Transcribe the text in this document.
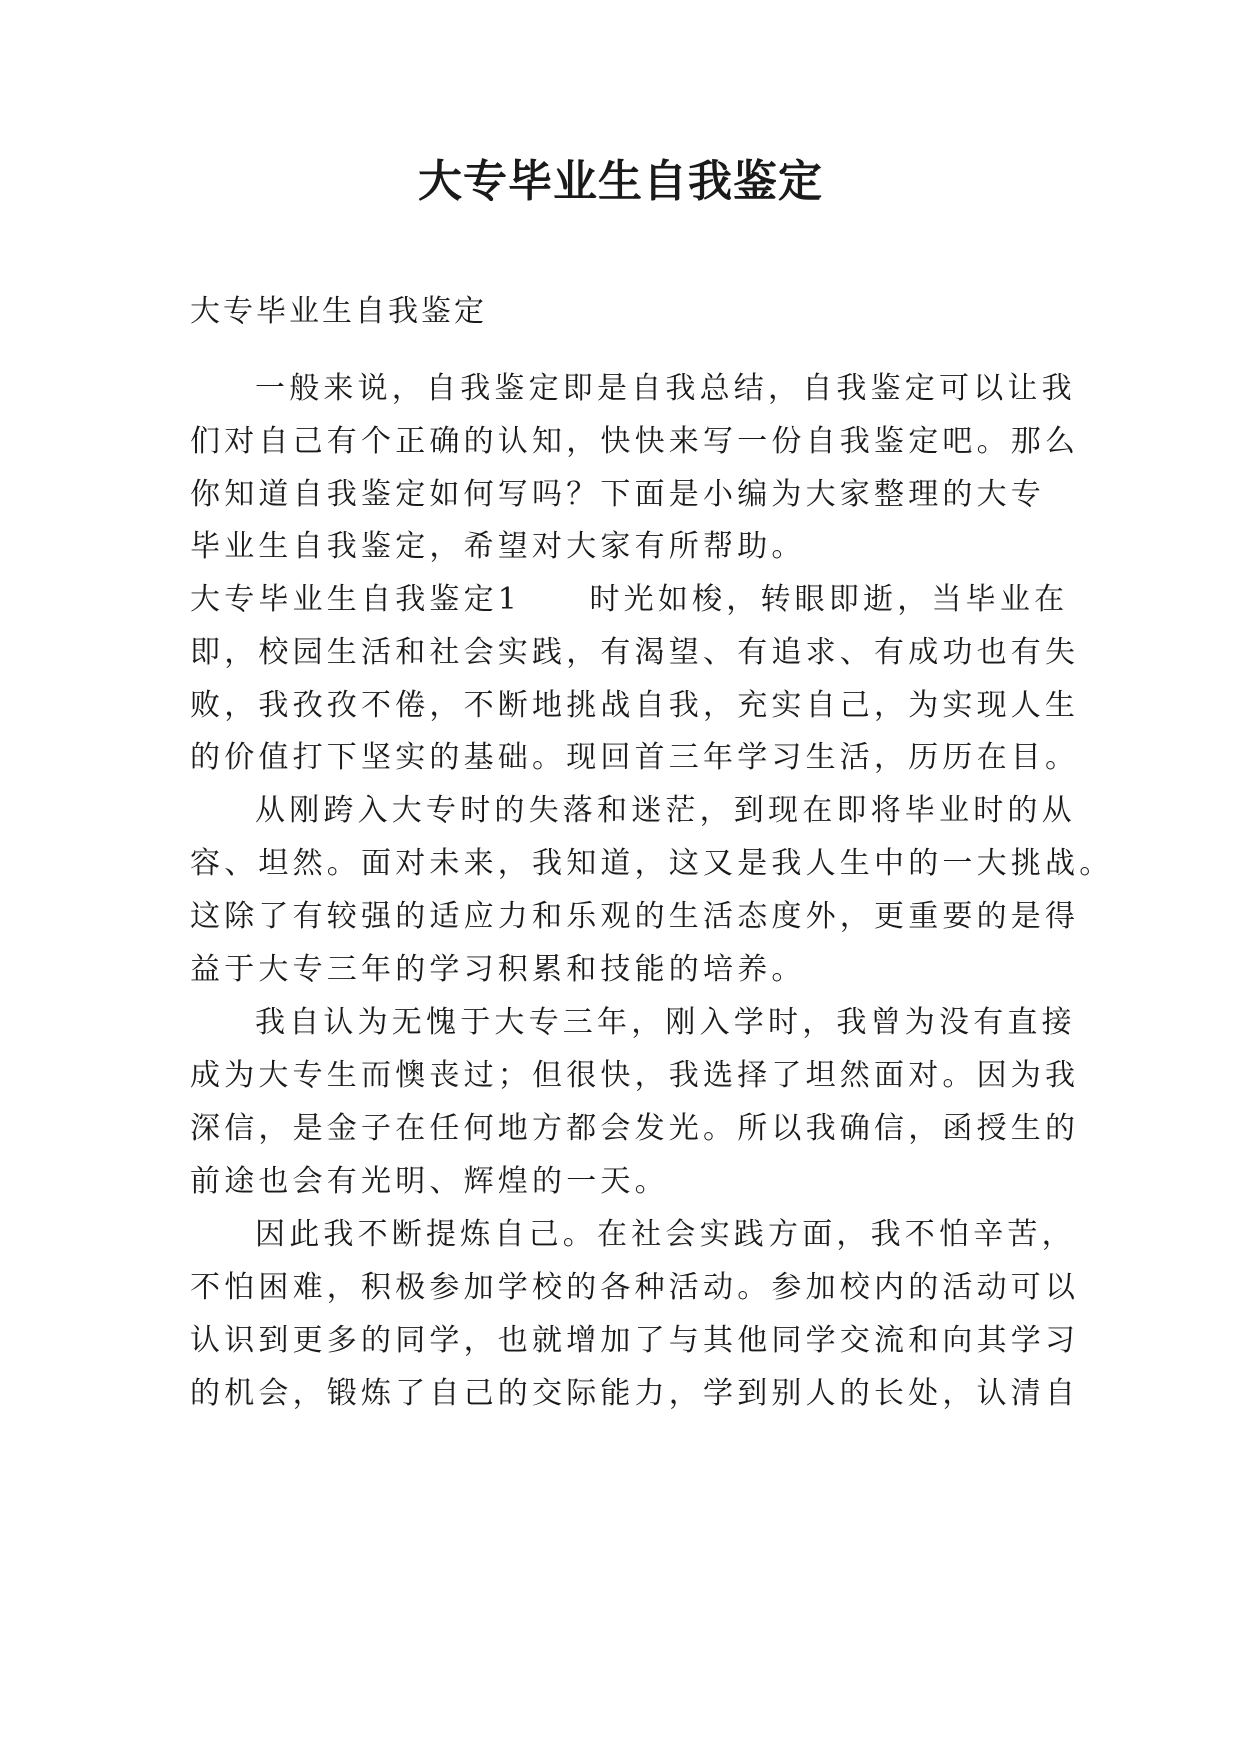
大专毕业生自我鉴定
大专毕业生自我鉴定
一般来说，自我鉴定即是自我总结，自我鉴定可以让我
们对自己有个正确的认知，快快来写一份自我鉴定吧。那么
你知道自我鉴定如何写吗？下面是小编为大家整理的大专
毕业生自我鉴定，希望对大家有所帮助。
大专毕业生自我鉴定1　　时光如梭，转眼即逝，当毕业在
即，校园生活和社会实践，有渴望、有追求、有成功也有失
败，我孜孜不倦，不断地挑战自我，充实自己，为实现人生
的价值打下坚实的基础。现回首三年学习生活，历历在目。
从刚跨入大专时的失落和迷茫，到现在即将毕业时的从
容、坦然。面对未来，我知道，这又是我人生中的一大挑战。
这除了有较强的适应力和乐观的生活态度外，更重要的是得
益于大专三年的学习积累和技能的培养。
我自认为无愧于大专三年，刚入学时，我曾为没有直接
成为大专生而懊丧过；但很快，我选择了坦然面对。因为我
深信，是金子在任何地方都会发光。所以我确信，函授生的
前途也会有光明、辉煌的一天。
因此我不断提炼自己。在社会实践方面，我不怕辛苦，
不怕困难，积极参加学校的各种活动。参加校内的活动可以
认识到更多的同学，也就增加了与其他同学交流和向其学习
的机会，锻炼了自己的交际能力，学到别人的长处，认清自
